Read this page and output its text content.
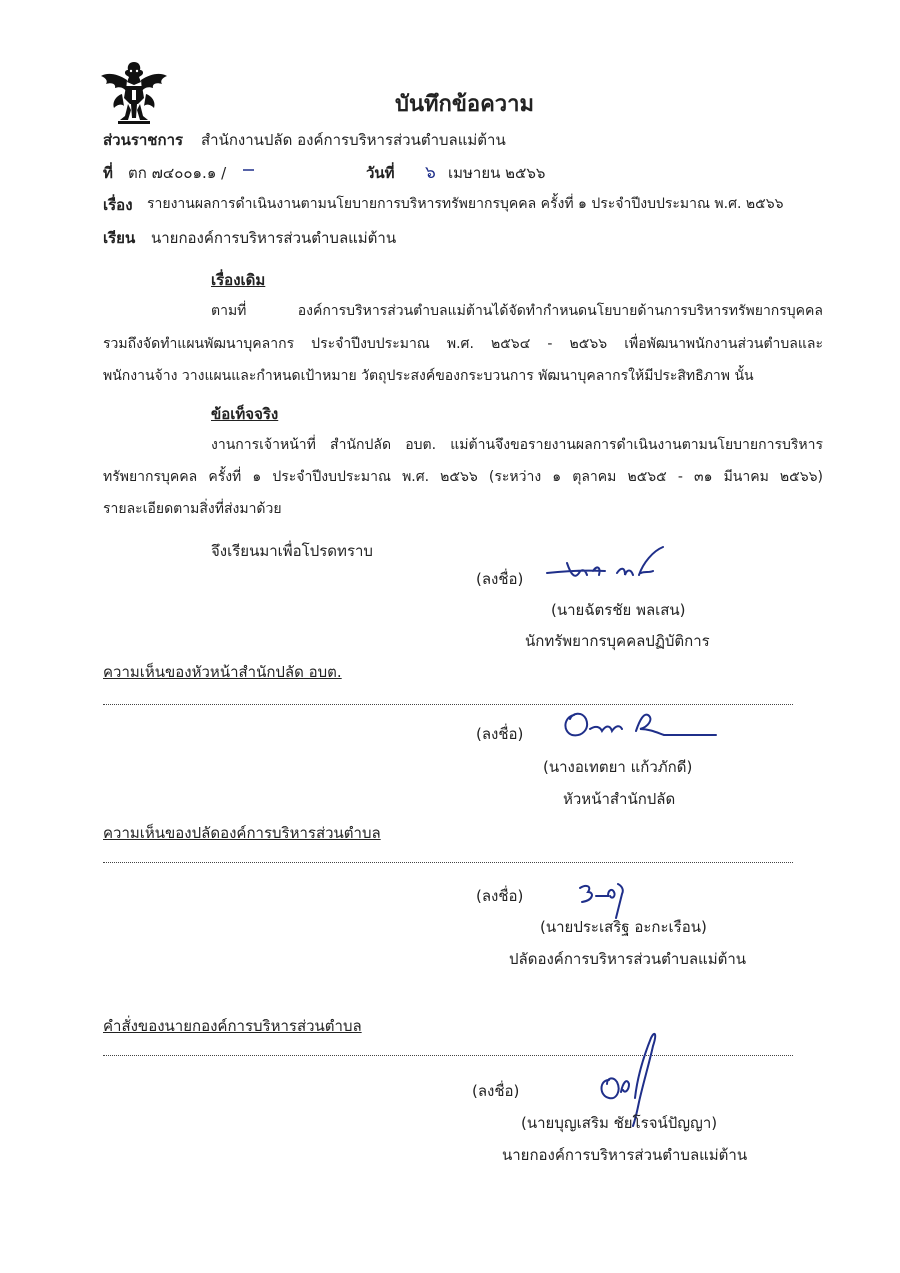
บันทึกข้อความ
ส่วนราชการ สำนักงานปลัด องค์การบริหารส่วนตำบลแม่ต้าน
ที่ ตก ๗๔๐๐๑.๑ /	วันที่ ๖ เมษายน ๒๕๖๖
เรื่อง รายงานผลการดำเนินงานตามนโยบายการบริหารทรัพยากรบุคคล ครั้งที่ ๑ ประจำปีงบประมาณ พ.ศ. ๒๕๖๖
เรียน นายกองค์การบริหารส่วนตำบลแม่ต้าน
เรื่องเดิม
ตามที่ องค์การบริหารส่วนตำบลแม่ต้านได้จัดทำกำหนดนโยบายด้านการบริหารทรัพยากรบุคคล
รวมถึงจัดทำแผนพัฒนาบุคลากร ประจำปีงบประมาณ พ.ศ. ๒๕๖๔ - ๒๕๖๖ เพื่อพัฒนาพนักงานส่วนตำบลและ
พนักงานจ้าง วางแผนและกำหนดเป้าหมาย วัตถุประสงค์ของกระบวนการ พัฒนาบุคลากรให้มีประสิทธิภาพ นั้น
ข้อเท็จจริง
งานการเจ้าหน้าที่ สำนักปลัด อบต. แม่ต้านจึงขอรายงานผลการดำเนินงานตามนโยบายการบริหาร
ทรัพยากรบุคคล ครั้งที่ ๑ ประจำปีงบประมาณ พ.ศ. ๒๕๖๖ (ระหว่าง ๑ ตุลาคม ๒๕๖๕ - ๓๑ มีนาคม ๒๕๖๖)
รายละเอียดตามสิ่งที่ส่งมาด้วย
จึงเรียนมาเพื่อโปรดทราบ
(ลงชื่อ)
(นายฉัตรชัย พลเสน)
นักทรัพยากรบุคคลปฏิบัติการ
ความเห็นของหัวหน้าสำนักปลัด อบต.
(ลงชื่อ)
(นางอเทตยา แก้วภักดี)
หัวหน้าสำนักปลัด
ความเห็นของปลัดองค์การบริหารส่วนตำบล
(ลงชื่อ)
(นายประเสริฐ อะกะเรือน)
ปลัดองค์การบริหารส่วนตำบลแม่ต้าน
คำสั่งของนายกองค์การบริหารส่วนตำบล
(ลงชื่อ)
(นายบุญเสริม ชัยโรจน์ปัญญา)
นายกองค์การบริหารส่วนตำบลแม่ต้าน
